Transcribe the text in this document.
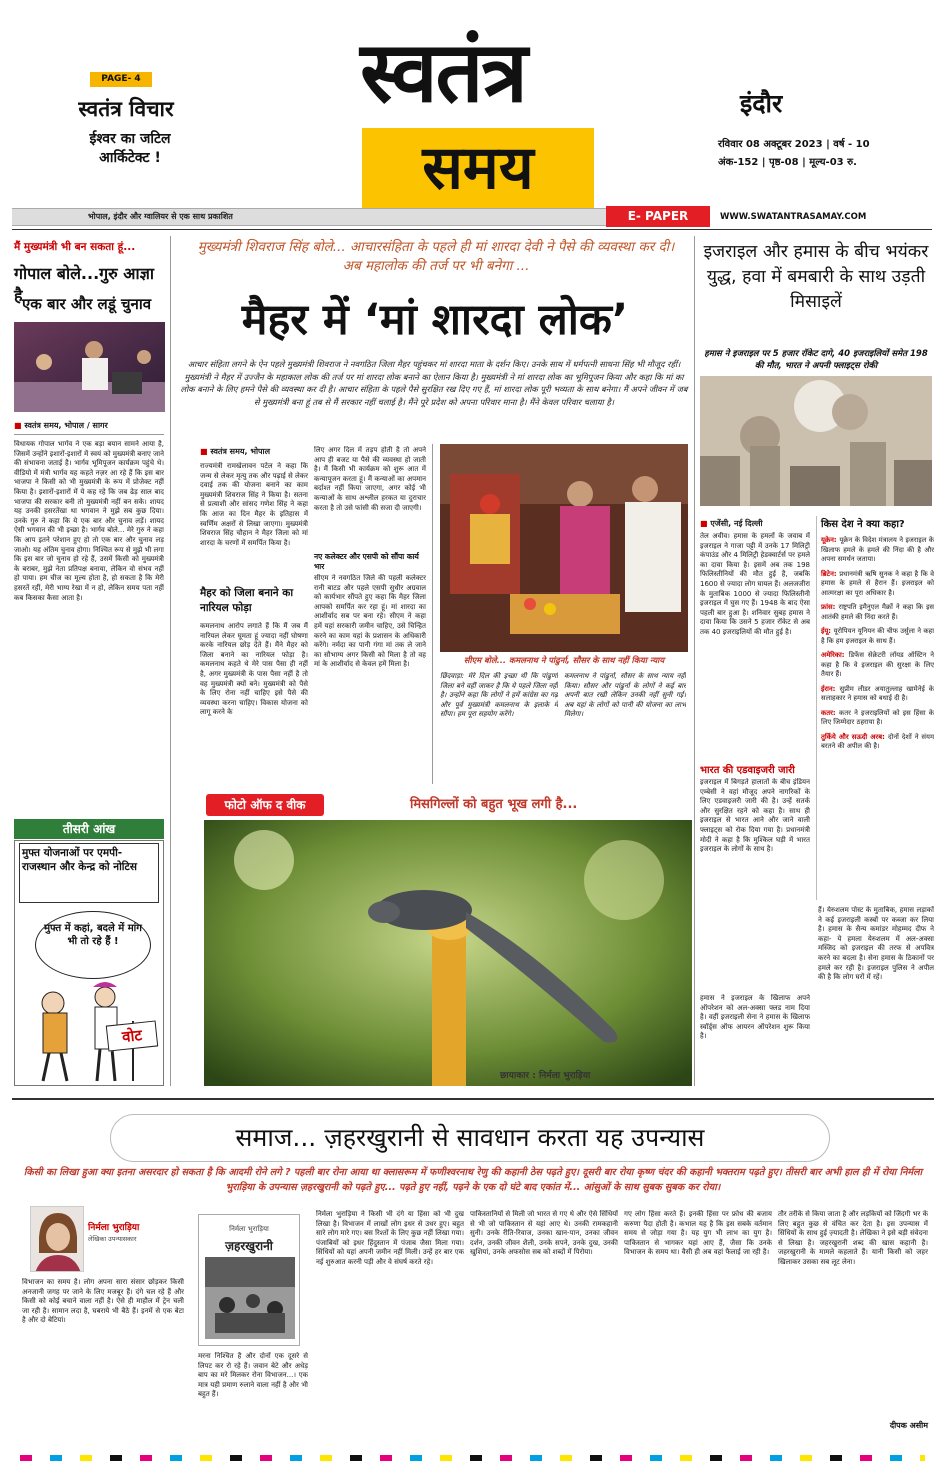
PAGE- 4
स्वतंत्र विचार
ईश्वर का जटिल आर्किटेक्ट !
स्वतंत्र
समय
इंदौर
रविवार 08 अक्टूबर 2023 | वर्ष - 10
अंक-152 | पृष्ठ-08 | मूल्य-03 रु.
भोपाल, इंदौर और ग्वालियर से एक साथ प्रकाशित	E- PAPER	WWW.SWATANTRASAMAY.COM
मैं मुख्यमंत्री भी बन सकता हूं...
गोपाल बोले...गुरु आज्ञा है एक बार और लडूं चुनाव
■ स्वतंत्र समय, भोपाल / सागर
विधायक गोपाल भार्गव ने एक बड़ा बयान सामने आया है, जिसमें उन्होंने इशारों-इशारों में स्वयं को मुख्यमंत्री बनाए जाने की संभावना जताई है। भार्गव भूमिपूजन कार्यक्रम पहुंचे थे। वीडियो में मंत्री भार्गव यह कहते नज़र आ रहे हैं कि इस बार भाजपा ने किसी को भी मुख्यमंत्री के रूप में प्रोजेक्ट नहीं किया है। इशारों-इशारों में ये कह रहे कि जब ढेड़ साल बाद भाजपा की सरकार बनी तो मुख्यमंत्री नहीं बन सके। शायद यह उनकी हसरतेंखा था भगवान ने मुझे सब कुछ दिया। उनके गुरु ने कहा कि ये एक बार और चुनाव लड़ें। शायद ऐसी भगवान की भी इच्छा है। भार्गव बोले... मेरे गुरु ने कहा कि आप इतने परेशान हुए हो तो एक बार और चुनाव लड़ जाओ। यह अंतिम चुनाव होगा। निश्चित रूप से मुझे भी लगा कि इस बार जो चुनाव हो रहे हैं, उसमें किसी को मुख्यमंत्री के बराबर, मुझे नेता प्रतिपक्ष बनाया, लेकिन वो संभव नहीं हो पाया। हम चीज का मूल्य होता है, हो सकता है कि मेरी हसरतें रहीं, मेरी भाग्य रेखा में न हो, लेकिन समय पता नहीं कब किसका कैसा आता है।
तीसरी आंख
मुफ्त योजनाओं पर एमपी-राजस्थान और केन्द्र को नोटिस
मुफ्त में कहां, बदले में मांग भी तो रहे हैं !
वोट
मुख्यमंत्री शिवराज सिंह बोले... आचारसंहिता के पहले ही मां शारदा देवी ने पैसे की व्यवस्था कर दी। अब महालोक की तर्ज पर भी बनेगा ...
मैहर में ‘मां शारदा लोक’
आचार संहिता लगने के ऐन पहले मुख्यमंत्री शिवराज ने नवगठित जिला मैहर पहुंचकर मां शारदा माता के दर्शन किए। उनके साथ में धर्मपत्नी साधना सिंह भी मौजूद रहीं। मुख्यमंत्री ने मैहर में उज्जैन के महाकाल लोक की तर्ज पर मां शारदा लोक बनाने का ऐलान किया है। मुख्यमंत्री ने मां शारदा लोक का भूमिपूजन किया और कहा कि मां का लोक बनाने के लिए हमने पैसे की व्यवस्था कर दी है। आचार संहिता के पहले पैसे सुरक्षित रख दिए गए हैं, मां शारदा लोक पूरी भव्यता के साथ बनेगा। मैं अपने जीवन में जब से मुख्यमंत्री बना हूं तब से मैं सरकार नहीं चलाई है। मैंने पूरे प्रदेश को अपना परिवार माना है। मैंने केवल परिवार चलाया है।
■ स्वतंत्र समय, भोपाल
राज्यमंत्री रामखेलावन पटेल ने कहा कि जन्म से लेकर मृत्यु तक और पढ़ाई से लेकर दवाई तक की योजना बनाने का काम मुख्यमंत्री शिवराज सिंह ने किया है। सतना से प्रत्याशी और सांसद गणेश सिंह ने कहा कि आज का दिन मैहर के इतिहास में स्वर्णिम अक्षरों से लिखा जाएगा। मुख्यमंत्री शिवराज सिंह चौहान ने मैहर जिला को मां शारदा के चरणों में समर्पित किया है।
मैहर को जिला बनाने का नारियल फोड़ा
कमलनाथ आरोप लगाते हैं कि मैं जब मैं नारियल लेकर घूमता हूं ज्यादा नहीं घोषणा करके नारियल छोड़ देते हैं। मैंने मैहर को जिला बनाने का नारियल फोड़ा है। कमलनाथ कहते थे मेरे पास पैसा ही नहीं है, अगर मुख्यमंत्री के पास पैसा नहीं है तो वह मुख्यमंत्री क्यों बने। मुख्यमंत्री को पैसे के लिए रोना नहीं चाहिए इसे पैसे की व्यवस्था करना चाहिए। विकास योजना को लागू करने के
लिए अगर दिल में तड़प होती है तो अपने आप ही बजट या पैसे की व्यवस्था हो जाती है। मैं किसी भी कार्यक्रम को शुरू आत में कन्यापूजन करता हूं। मैं कन्याओं का अपमान बर्दाश्त नहीं किया जाएगा, अगर कोई भी कन्याओं के साथ अश्लील हरकत या दुराचार करता है तो उसे फांसी की सजा दी जाएगी।
नए कलेक्टर और एसपी को सौंपा कार्य भार
सीएम ने नवगठित जिले की पहली कलेक्टर रानी बाटड और पहले एसपी सुधीर अग्रवाल को कार्यभार सौंपते हुए कहा कि मैहर जिला आपको समर्पित कर रहा हूं। मां शारदा का आशीर्वाद सब पर बना रहे। सीएम ने कहा हमें यहां सरकारी जमीन चाहिए, उसे चिन्हित करने का काम यहां के प्रशासन के अधिकारी करेंगे। नर्मदा का पानी गंगा मां तक ले जाने का सौभाग्य अगर किसी को मिला है तो वह मां के आशीर्वाद से केवल हमें मिला है।	सीएम बोले... कमलनाथ ने पांढुर्ना, सौसर के साथ नहीं किया न्याय
छिंदवाड़ा: मेरे दिल की इच्छा थी कि पांढुर्णा जिला बने वहीं जाकर है कि ये पहले जिला नहीं है। उन्होंने कहा कि लोगों ने हमें कांग्रेस का गढ़ और पूर्व मुख्यमंत्री कमलनाथ के इलाके में सौंपा। हम पूरा सहयोग करेंगे।
कमलनाथ ने पांढुर्ना, सौसर के साथ न्याय नहीं किया। सौसर और पांढुर्ना के लोगों ने कई बार अपनी बात रखी लेकिन उनकी नहीं सुनी गई। अब यहां के लोगों को पानी की योजना का लाभ मिलेगा।
फोटो ऑफ द वीक	मिसगिल्लों को बहुत भूख लगी है...
छायाकार : निर्मला भुराड़िया
इजराइल और हमास के बीच भयंकर युद्ध, हवा में बमबारी के साथ उड़ती मिसाइलें
हमास ने इजराइल पर 5 हजार रॉकेट दागे, 40 इजराइलियों समेत 198 की मौत, भारत ने अपनी फ्लाइट्स रोकी
■ एजेंसी, नई दिल्ली
तेल अवीव। हमास के हमलों के जवाब में इजराइल ने गाजा पट्टी में उनके 17 मिलिट्री कंपाउंड और 4 मिलिट्री हेडक्वार्टर्स पर हमले का दावा किया है। इसमें अब तक 198 फिलिस्तीनियों की मौत हुई है, जबकि 1600 से ज्यादा लोग घायल हैं। अलजजीरा के मुताबिक 1000 से ज्यादा फिलिस्तीनी इजराइल में घुस गए हैं। 1948 के बाद ऐसा पहली बार हुआ है। शनिवार सुबह हमास ने दावा किया कि उसने 5 हजार रॉकेट से अब तक 40 इजराइलियों की मौत हुई है।
भारत की एडवाइजरी जारी
इजराइल में बिगड़ते हालातों के बीच इंडियन एम्बेसी ने वहां मौजूद अपने नागरिकों के लिए एडवाइजरी जारी की है। उन्हें सतर्क और सुरक्षित रहने को कहा है। साथ ही इजराइल से भारत आने और जाने वाली फ्लाइट्स को रोक दिया गया है। प्रधानमंत्री मोदी ने कहा है कि मुश्किल घड़ी में भारत इजराइल के लोगों के साथ है।
हमास ने इजराइल के खिलाफ अपने ऑपरेशन को अल-अक्सा फ्लड नाम दिया है। वहीं इजराइली सेना ने हमास के खिलाफ स्वॉर्ड्स ऑफ आयरन ऑपरेशन शुरू किया है।
किस देश ने क्या कहा?
यूक्रेन: यूक्रेन के विदेश मंत्रालय ने इजराइल के खिलाफ हमले के हमले की निंदा की है और अपना समर्थन जताया।
ब्रिटेन: प्रधानमंत्री ऋषि सुनक ने कहा है कि वे हमास के हमले से हैरान हैं। इजराइल को आत्मरक्षा का पूरा अधिकार है।
फ्रांस: राष्ट्रपति इमैनुएल मैक्रों ने कहा कि इस आतंकी हमले की निंदा करते हैं।
ईयू: यूरोपियन यूनियन की चीफ उर्सुला ने कहा है कि हम इजराइल के साथ हैं।
अमेरिका: डिफेंस सेक्रेटरी लॉयड ऑस्टिन ने कहा है कि वे इजराइल की सुरक्षा के लिए तैयार हैं।
ईरान: सुप्रीम लीडर अयातुल्लाह खामेनेई के सलाहकार ने हमास को बधाई दी है।
कतर: कतर ने इजराइलियों को इस हिंसा के लिए जिम्मेदार ठहराया है।
तुर्किये और सऊदी अरब: दोनों देशों ने संयम बरतने की अपील की है।
हैं। येरुशलम पोस्ट के मुताबिक, हमास लड़ाकों ने कई इजराइली कस्बों पर कब्जा कर लिया है। हमास के सैन्य कमांडर मोहम्मद दीफ ने कहा- ये हमला येरुशलम में अल-अक्सा मस्जिद को इजराइल की तरफ से अपवित्र करने का बदला है। सेना हमास के ठिकानों पर हमले कर रही है। इजराइल पुलिस ने अपील की है कि लोग घरों में रहें।
समाज... ज़हरखुरानी से सावधान करता यह उपन्यास
किसी का लिखा हुआ क्या इतना असरदार हो सकता है कि आदमी रोने लगे ? पहली बार रोना आया था क्लासरूम में फणीश्वरनाथ रेणु की कहानी ठेस पढ़ते हुए। दूसरी बार रोया कृष्ण चंदर की कहानी भक्तराम पढ़ते हुए। तीसरी बार अभी हाल ही में रोया निर्मला भुराड़िया के उपन्यास ज़हरखुरानी को पढ़ते हुए... पढ़ते हुए नहीं, पढ़ने के एक दो घंटे बाद एकांत में... आंसुओं के साथ सुबक सुबक कर रोया।
निर्मला भुराड़िया
लेखिका उपन्यासकार
विभाजन का समय है। लोग अपना सारा संसार छोड़कर किसी अनजानी जगह पर जाने के लिए मजबूर हैं। दंगे चल रहे हैं और किसी को कोई बचाने वाला नहीं है। ऐसे ही माहौल में ट्रेन चली जा रही है। सामान लदा है, घबराये भी बैठे हैं। इनमें से एक बेटा है और दो बेटियां।
निर्मला भुराड़िया
ज़हरखुरानी
मरना निश्चित है और दोनों एक दूसरे से लिपट कर रो रहे हैं। जवान बेटे और अधेड़ बाप का मरे मिलकर रोना विभाजन...। एक मात्र यही प्रमाण रुलाने वाला नहीं है और भी बहुत हैं।
निर्मला भुराड़िया ने किसी भी दंगे या हिंसा को भी दुख लिखा है। विभाजन में लाखों लोग इधर से उधर हुए। बहुत सारे लोग मारे गए। बस रिश्तों के लिए कुछ नहीं लिखा गया। पंजाबियों को इधर हिंदुस्तान में पंजाब जैसा मिला गया। सिंधियों को यहां अपनी जमीन नहीं मिली। उन्हें हर बार एक नई शुरुआत करनी पड़ी और वे संघर्ष करते रहे।
पाकिस्तानियों से मिली जो भारत से गए थे और ऐसे सिंधियों से भी जो पाकिस्तान से यहां आए थे। उनकी रामकहानी सुनी। उनके रीति-रिवाज, उनका खान-पान, उनका जीवन दर्शन, उनकी जीवन शैली, उनके सपने, उनके दुख, उनकी खुशियां, उनके अफसोस सब को शब्दों में पिरोया।
गए लोग हिंसा करते हैं। इनकी हिंसा पर फ्रोध की बजाय करुणा पैदा होती है। कभाल यह है कि इस सबके वर्तमान समय से जोड़ा गया है। यह युग भी लाभ का युग है। पाकिस्तान से भागकर यहां आए हैं, जैसा कि उनके विभाजन के समय था। वैसी ही अब वहां फैलाई जा रही है।
तौर तरीके से किया जाता है और लड़कियों को जिंदगी भर के लिए बहुत कुछ से वंचित कर देता है। इस उपन्यास में सिंधियों के साथ हुई ज़्यादती है। लेखिका ने इसे बड़ी संवेदना से लिखा है। जहरखुरानी शब्द की खास कहानी है। जहरखुरानी के मामले कहलाते हैं। यानी किसी को जहर खिलाकर उसका सब लूट लेना।
दीपक असीम
